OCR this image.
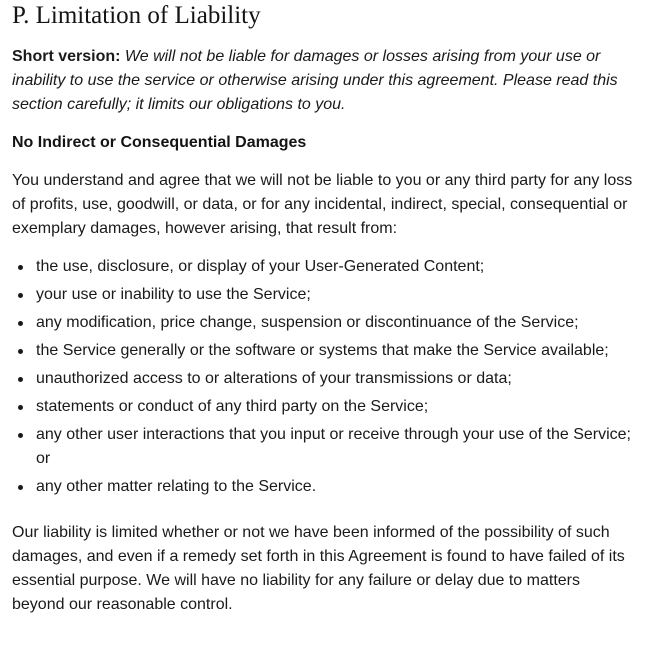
P. Limitation of Liability

Short version: We will not be liable for damages or losses arising from your use or inability to use the service or otherwise arising under this agreement. Please read this section carefully; it limits our obligations to you.

No Indirect or Consequential Damages

You understand and agree that we will not be liable to you or any third party for any loss of profits, use, goodwill, or data, or for any incidental, indirect, special, consequential or exemplary damages, however arising, that result from:

the use, disclosure, or display of your User-Generated Content;
your use or inability to use the Service;
any modification, price change, suspension or discontinuance of the Service;
the Service generally or the software or systems that make the Service available;
unauthorized access to or alterations of your transmissions or data;
statements or conduct of any third party on the Service;
any other user interactions that you input or receive through your use of the Service; or
any other matter relating to the Service.

Our liability is limited whether or not we have been informed of the possibility of such damages, and even if a remedy set forth in this Agreement is found to have failed of its essential purpose. We will have no liability for any failure or delay due to matters beyond our reasonable control.
